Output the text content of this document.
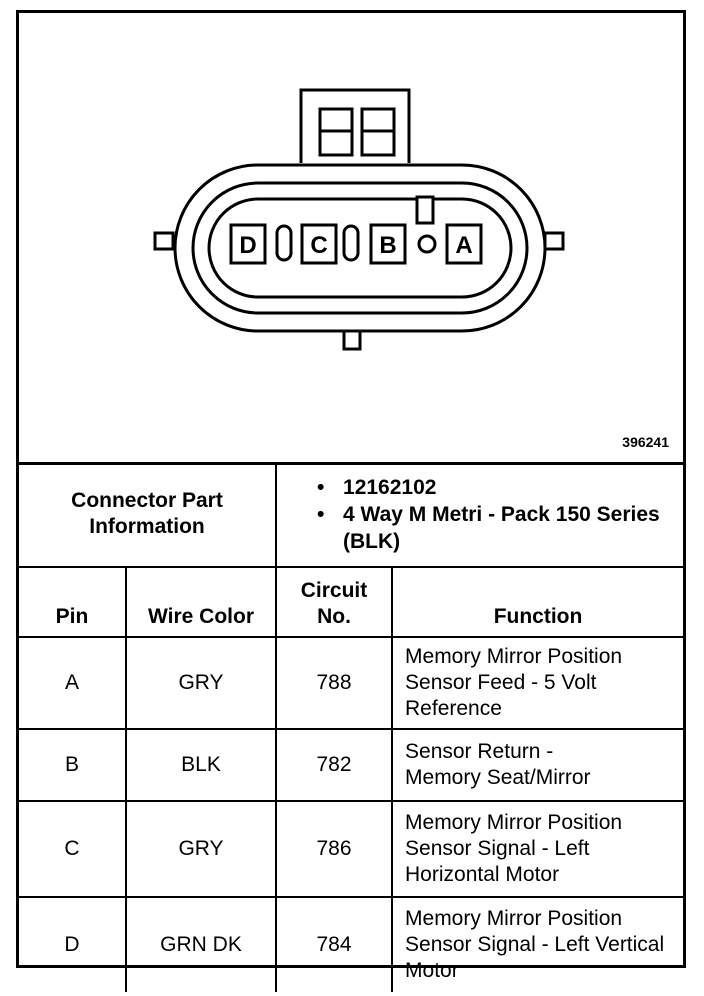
D C B A
396241
Connector Part Information		• 12162102
• 4 Way M Metri - Pack 150 Series (BLK)	

Pin	Wire Color	Circuit No.	Function
A	GRY	788	Memory Mirror Position Sensor Feed - 5 Volt Reference
B	BLK	782	Sensor Return - Memory Seat/Mirror
C	GRY	786	Memory Mirror Position Sensor Signal - Left Horizontal Motor
D	GRN DK	784	Memory Mirror Position Sensor Signal - Left Vertical Motor
